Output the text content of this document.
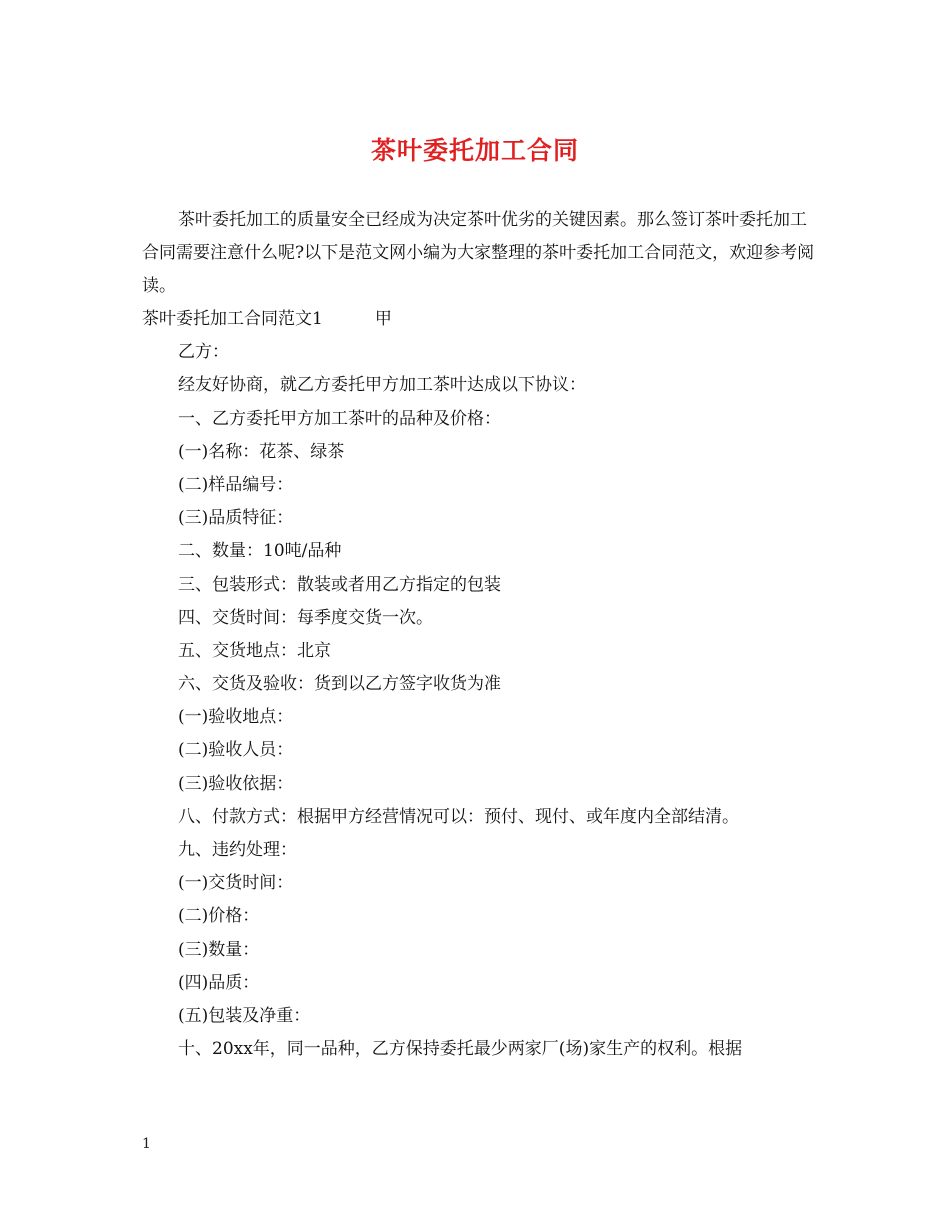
茶叶委托加工合同

茶叶委托加工的质量安全已经成为决定茶叶优劣的关键因素。那么签订茶叶委托加工合同需要注意什么呢?以下是范文网小编为大家整理的茶叶委托加工合同范文，欢迎参考阅读。

茶叶委托加工合同范文1	甲
乙方：
经友好协商，就乙方委托甲方加工茶叶达成以下协议：
一、乙方委托甲方加工茶叶的品种及价格：
(一)名称：花茶、绿茶
(二)样品编号：
(三)品质特征：
二、数量：10吨/品种
三、包装形式：散装或者用乙方指定的包装
四、交货时间：每季度交货一次。
五、交货地点：北京
六、交货及验收：货到以乙方签字收货为准
(一)验收地点：
(二)验收人员：
(三)验收依据：
八、付款方式：根据甲方经营情况可以：预付、现付、或年度内全部结清。
九、违约处理：
(一)交货时间：
(二)价格：
(三)数量：
(四)品质：
(五)包装及净重：
十、20xx年，同一品种，乙方保持委托最少两家厂(场)家生产的权利。根据
1
